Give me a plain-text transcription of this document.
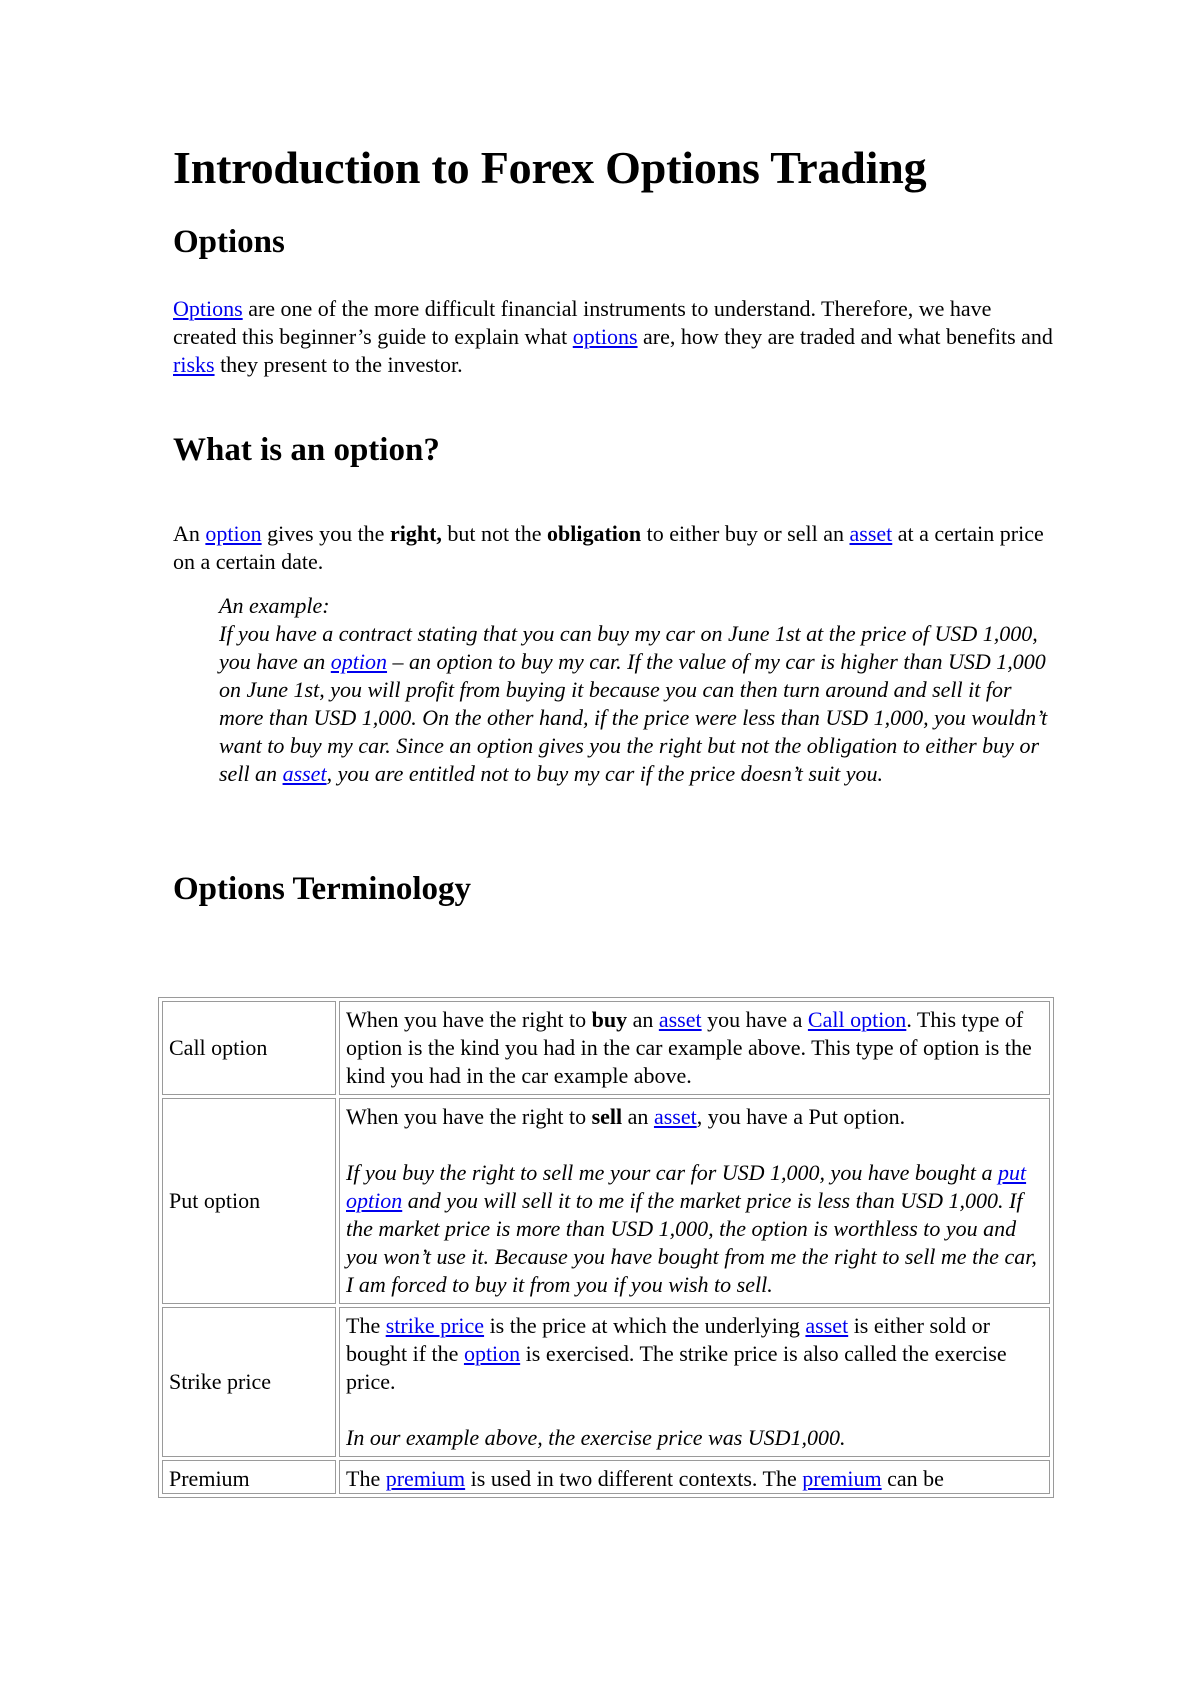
Introduction to Forex Options Trading
Options

Options are one of the more difficult financial instruments to understand. Therefore, we have created this beginner’s guide to explain what options are, how they are traded and what benefits and risks they present to the investor.

What is an option?

An option gives you the right, but not the obligation to either buy or sell an asset at a certain price on a certain date.

An example:
If you have a contract stating that you can buy my car on June 1st at the price of USD 1,000, you have an option – an option to buy my car. If the value of my car is higher than USD 1,000 on June 1st, you will profit from buying it because you can then turn around and sell it for more than USD 1,000. On the other hand, if the price were less than USD 1,000, you wouldn’t want to buy my car. Since an option gives you the right but not the obligation to either buy or sell an asset, you are entitled not to buy my car if the price doesn’t suit you.

Options Terminology
Call option	When you have the right to buy an asset you have a Call option. This type of option is the kind you had in the car example above. This type of option is the kind you had in the car example above.

Put option	When you have the right to sell an asset, you have a Put option.

If you buy the right to sell me your car for USD 1,000, you have bought a put option and you will sell it to me if the market price is less than USD 1,000. If the market price is more than USD 1,000, the option is worthless to you and you won’t use it. Because you have bought from me the right to sell me the car, I am forced to buy it from you if you wish to sell.

Strike price	The strike price is the price at which the underlying asset is either sold or bought if the option is exercised. The strike price is also called the exercise price.

In our example above, the exercise price was USD1,000.

Premium	The premium is used in two different contexts. The premium can be
